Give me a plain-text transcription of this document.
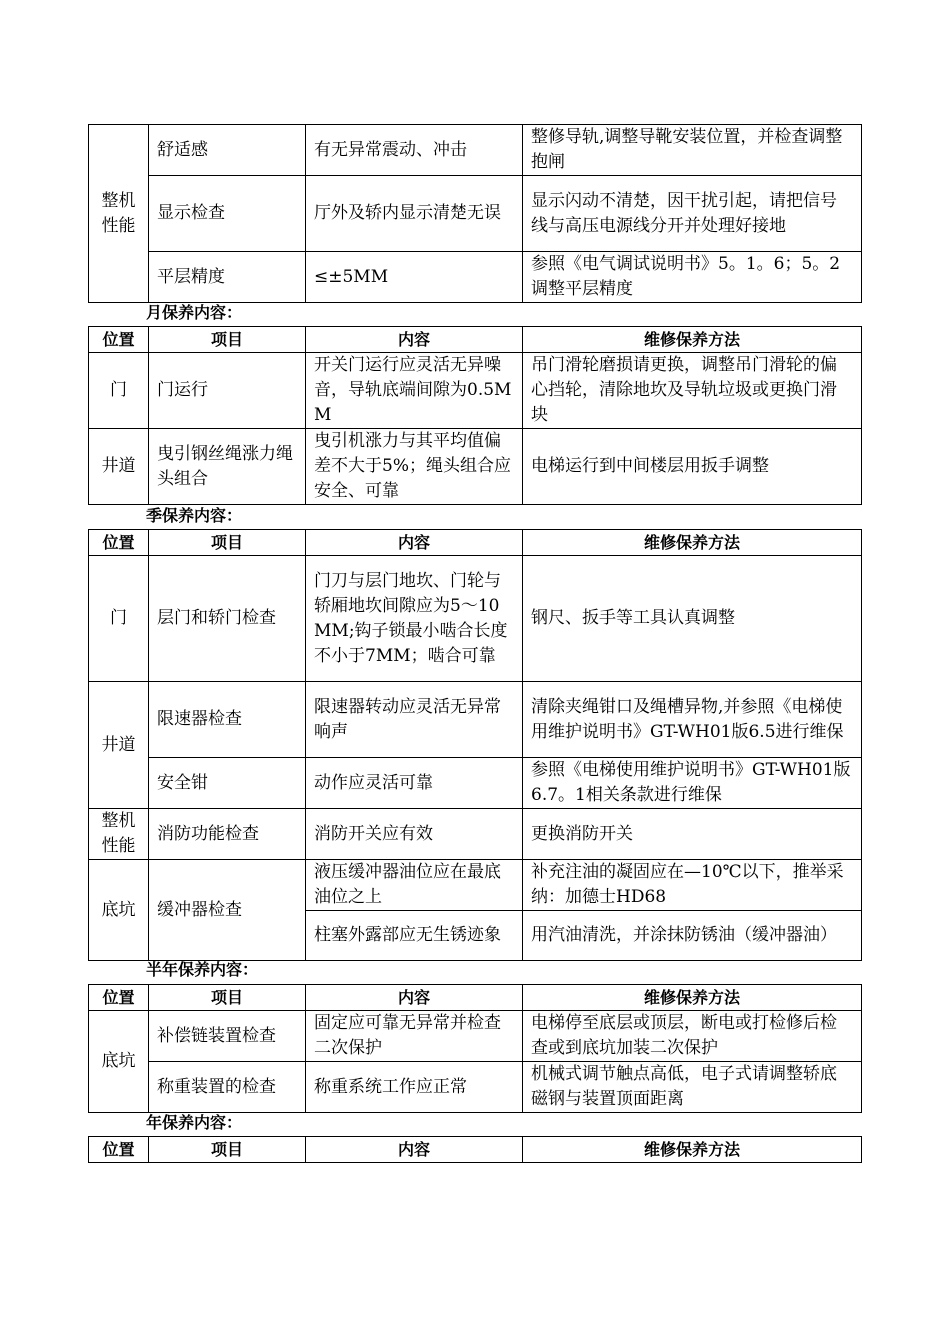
整机
性能	舒适感	有无异常震动、冲击	整修导轨,调整导靴安装位置，并检查调整抱闸
	显示检查	厅外及轿内显示清楚无误	显示闪动不清楚，因干扰引起，请把信号线与高压电源线分开并处理好接地
	平层精度	≤±5MM	参照《电气调试说明书》5。1。6；5。2调整平层精度
月保养内容：
位置	项目	内容	维修保养方法
门	门运行	开关门运行应灵活无异噪音，导轨底端间隙为0.5MM	吊门滑轮磨损请更换，调整吊门滑轮的偏心挡轮，清除地坎及导轨垃圾或更换门滑块
井道	曳引钢丝绳涨力绳头组合	曳引机涨力与其平均值偏差不大于5%；绳头组合应安全、可靠	电梯运行到中间楼层用扳手调整
季保养内容：
位置	项目	内容	维修保养方法
门	层门和轿门检查	门刀与层门地坎、门轮与轿厢地坎间隙应为5～10MM;钩子锁最小啮合长度不小于7MM；啮合可靠	钢尺、扳手等工具认真调整
井道	限速器检查	限速器转动应灵活无异常响声	清除夹绳钳口及绳槽异物,并参照《电梯使用维护说明书》GT-WH01版6.5进行维保
	安全钳	动作应灵活可靠	参照《电梯使用维护说明书》GT-WH01版6.7。1相关条款进行维保
整机
性能	消防功能检查	消防开关应有效	更换消防开关
底坑	缓冲器检查	液压缓冲器油位应在最底油位之上	补充注油的凝固应在—10℃以下，推举采纳：加德士HD68
		柱塞外露部应无生锈迹象	用汽油清洗，并涂抹防锈油（缓冲器油）
半年保养内容：
位置	项目	内容	维修保养方法
底坑	补偿链装置检查	固定应可靠无异常并检查二次保护	电梯停至底层或顶层，断电或打检修后检查或到底坑加装二次保护
	称重装置的检查	称重系统工作应正常	机械式调节触点高低，电子式请调整轿底磁钢与装置顶面距离
年保养内容：
位置	项目	内容	维修保养方法
